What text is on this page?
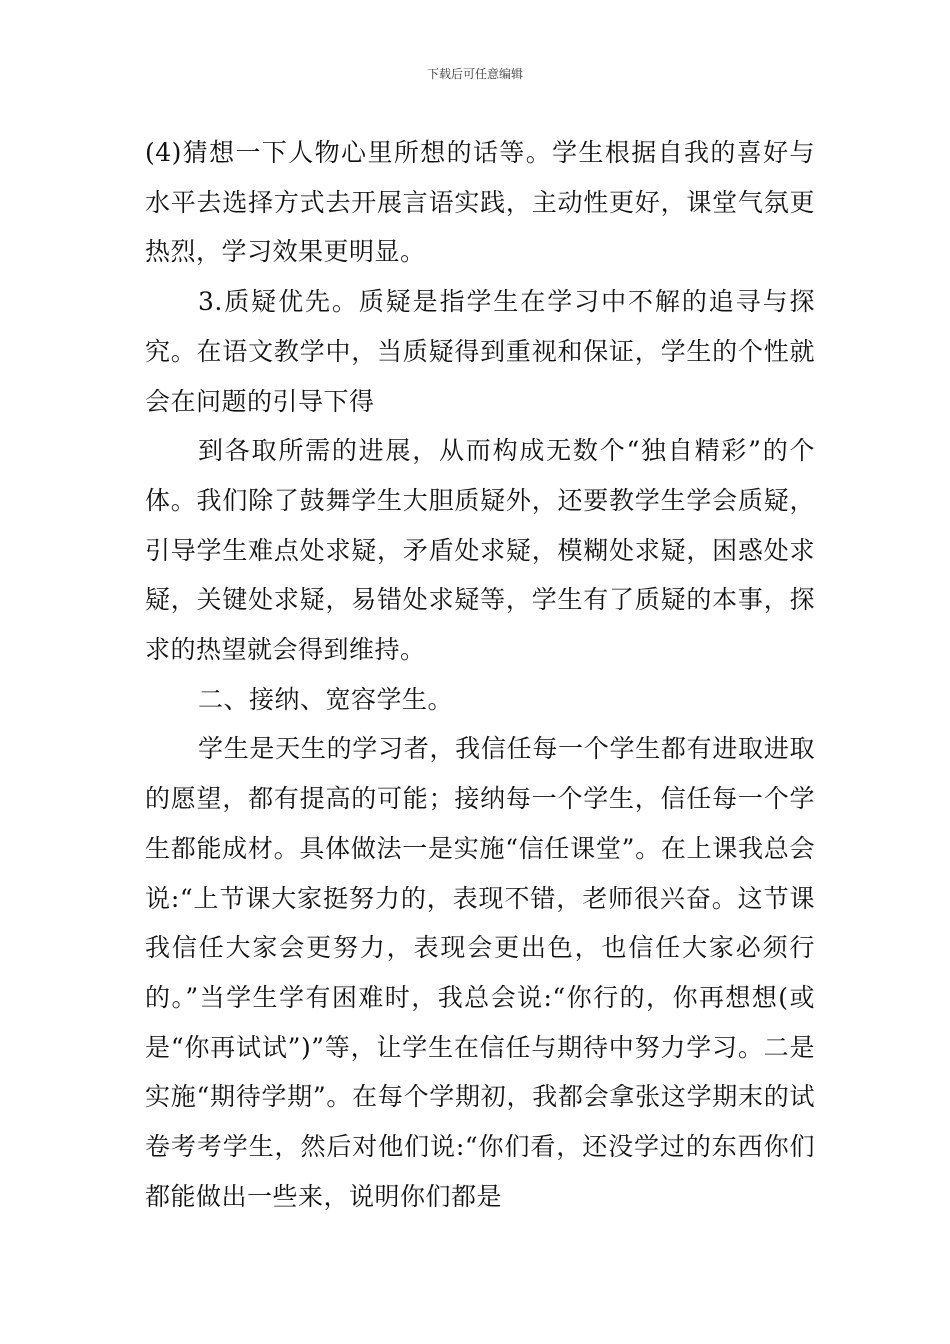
下载后可任意编辑

(4)猜想一下人物心里所想的话等。学生根据自我的喜好与水平去选择方式去开展言语实践，主动性更好，课堂气氛更热烈，学习效果更明显。

3.质疑优先。质疑是指学生在学习中不解的追寻与探究。在语文教学中，当质疑得到重视和保证，学生的个性就会在问题的引导下得

到各取所需的进展，从而构成无数个“独自精彩”的个体。我们除了鼓舞学生大胆质疑外，还要教学生学会质疑，引导学生难点处求疑，矛盾处求疑，模糊处求疑，困惑处求疑，关键处求疑，易错处求疑等，学生有了质疑的本事，探求的热望就会得到维持。

二、接纳、宽容学生。

学生是天生的学习者，我信任每一个学生都有进取进取的愿望，都有提高的可能；接纳每一个学生，信任每一个学生都能成材。具体做法一是实施“信任课堂”。在上课我总会说:“上节课大家挺努力的，表现不错，老师很兴奋。这节课我信任大家会更努力，表现会更出色，也信任大家必须行的。”当学生学有困难时，我总会说:“你行的，你再想想(或是“你再试试”)”等，让学生在信任与期待中努力学习。二是实施“期待学期”。在每个学期初，我都会拿张这学期末的试卷考考学生，然后对他们说:“你们看，还没学过的东西你们都能做出一些来，说明你们都是
